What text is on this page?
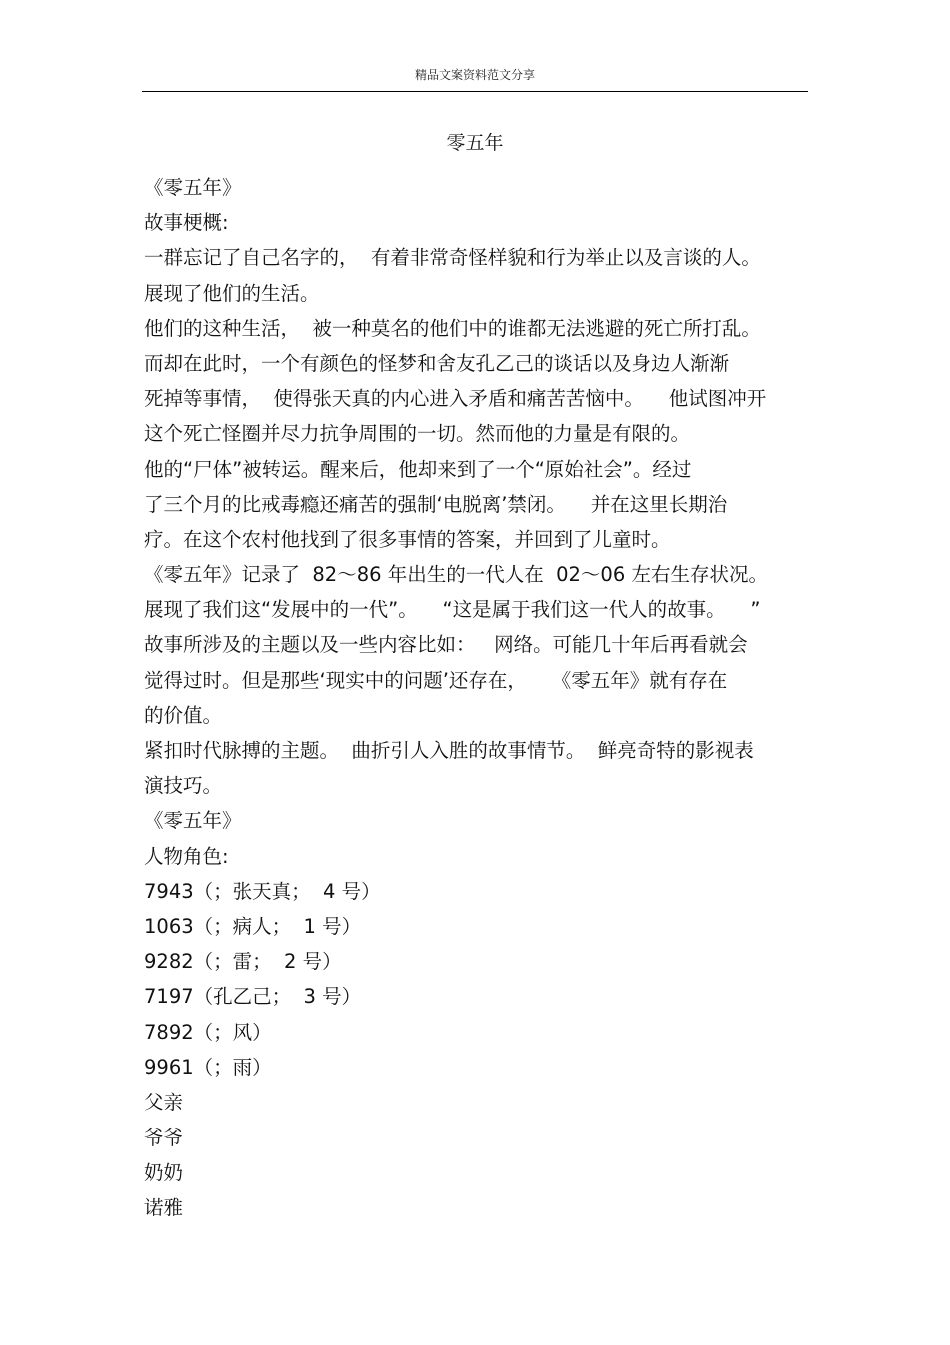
精品文案资料范文分享

零五年

《零五年》

故事梗概:

一群忘记了自己名字的，  有着非常奇怪样貌和行为举止以及言谈的人。

展现了他们的生活。

他们的这种生活，  被一种莫名的他们中的谁都无法逃避的死亡所打乱。

而却在此时，一个有颜色的怪梦和舍友孔乙己的谈话以及身边人渐渐

死掉等事情，  使得张天真的内心进入矛盾和痛苦苦恼中。    他试图冲开

这个死亡怪圈并尽力抗争周围的一切。然而他的力量是有限的。

他的“尸体”被转运。醒来后，他却来到了一个“原始社会”。经过

了三个月的比戒毒瘾还痛苦的强制‘电脱离’禁闭。    并在这里长期治

疗。在这个农村他找到了很多事情的答案，并回到了儿童时。

《零五年》记录了  82～86 年出生的一代人在  02～06 左右生存状况。

展现了我们这“发展中的一代”。    “这是属于我们这一代人的故事。    ”

故事所涉及的主题以及一些内容比如：   网络。可能几十年后再看就会

觉得过时。但是那些‘现实中的问题’还存在，    《零五年》就有存在

的价值。

紧扣时代脉搏的主题。  曲折引人入胜的故事情节。  鲜亮奇特的影视表

演技巧。

《零五年》

人物角色:

7943（；张天真；  4 号）

1063（；病人；  1 号）

9282（；雷；  2 号）

7197（孔乙己；  3 号）

7892（；风）

9961（；雨）

父亲

爷爷

奶奶

诺雅
